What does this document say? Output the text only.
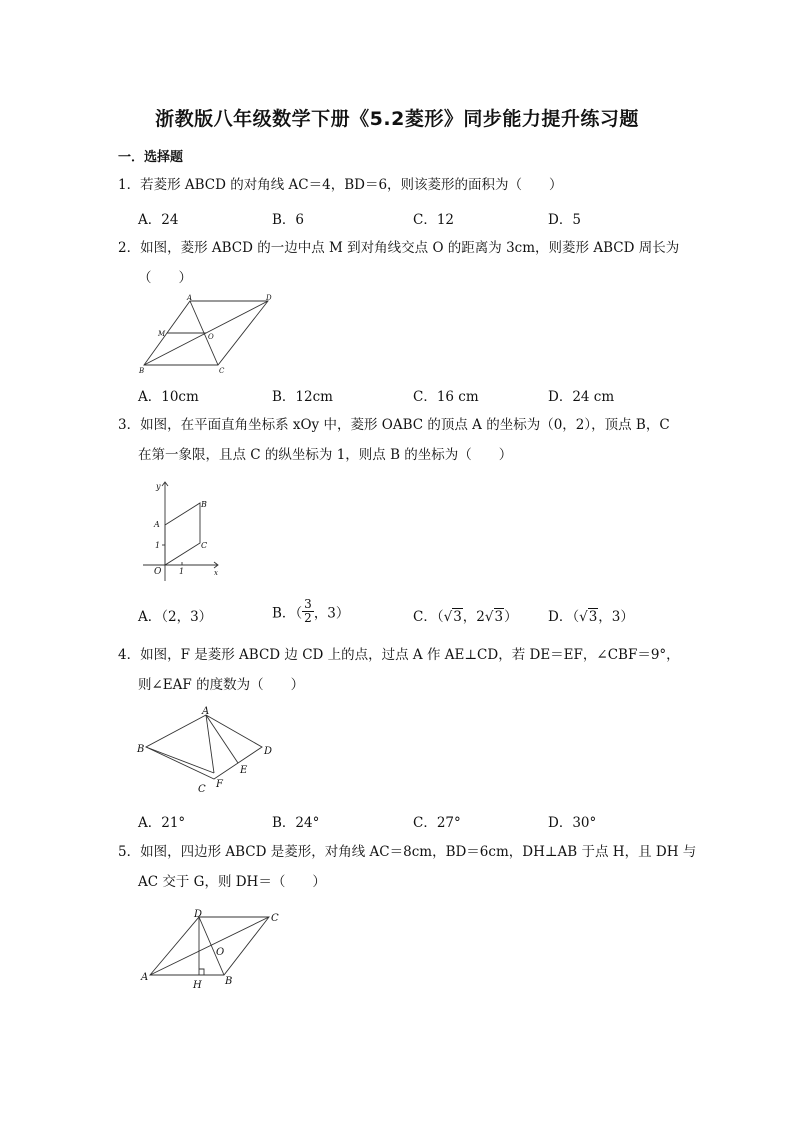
浙教版八年级数学下册《5.2菱形》同步能力提升练习题
一．选择题
1．若菱形 ABCD 的对角线 AC＝4，BD＝6，则该菱形的面积为（　　）
A．24	B．6	C．12	D．5
2．如图，菱形 ABCD 的一边中点 M 到对角线交点 O 的距离为 3cm，则菱形 ABCD 周长为
（　　）
A	D
M	O
B	C
A．10cm	B．12cm	C．16 cm	D．24 cm
3．如图，在平面直角坐标系 xOy 中，菱形 OABC 的顶点 A 的坐标为（0，2），顶点 B，C
在第一象限，且点 C 的纵坐标为 1，则点 B 的坐标为（　　）
y
B
A
1	C
O 1	x
A．（2，3）	B．（ $\frac{3}{2}$ ，3）	C．（√3，2√3） D．（√3，3）
4．如图，F 是菱形 ABCD 边 CD 上的点，过点 A 作 AE⊥CD，若 DE＝EF，∠CBF＝9°，
则∠EAF 的度数为（　　）
A
B	D
E
C F
A．21°	B．24°	C．27°	D．30°
5．如图，四边形 ABCD 是菱形，对角线 AC＝8cm，BD＝6cm，DH⊥AB 于点 H，且 DH 与
AC 交于 G，则 DH＝（　　）
D	C
O
A
H B
